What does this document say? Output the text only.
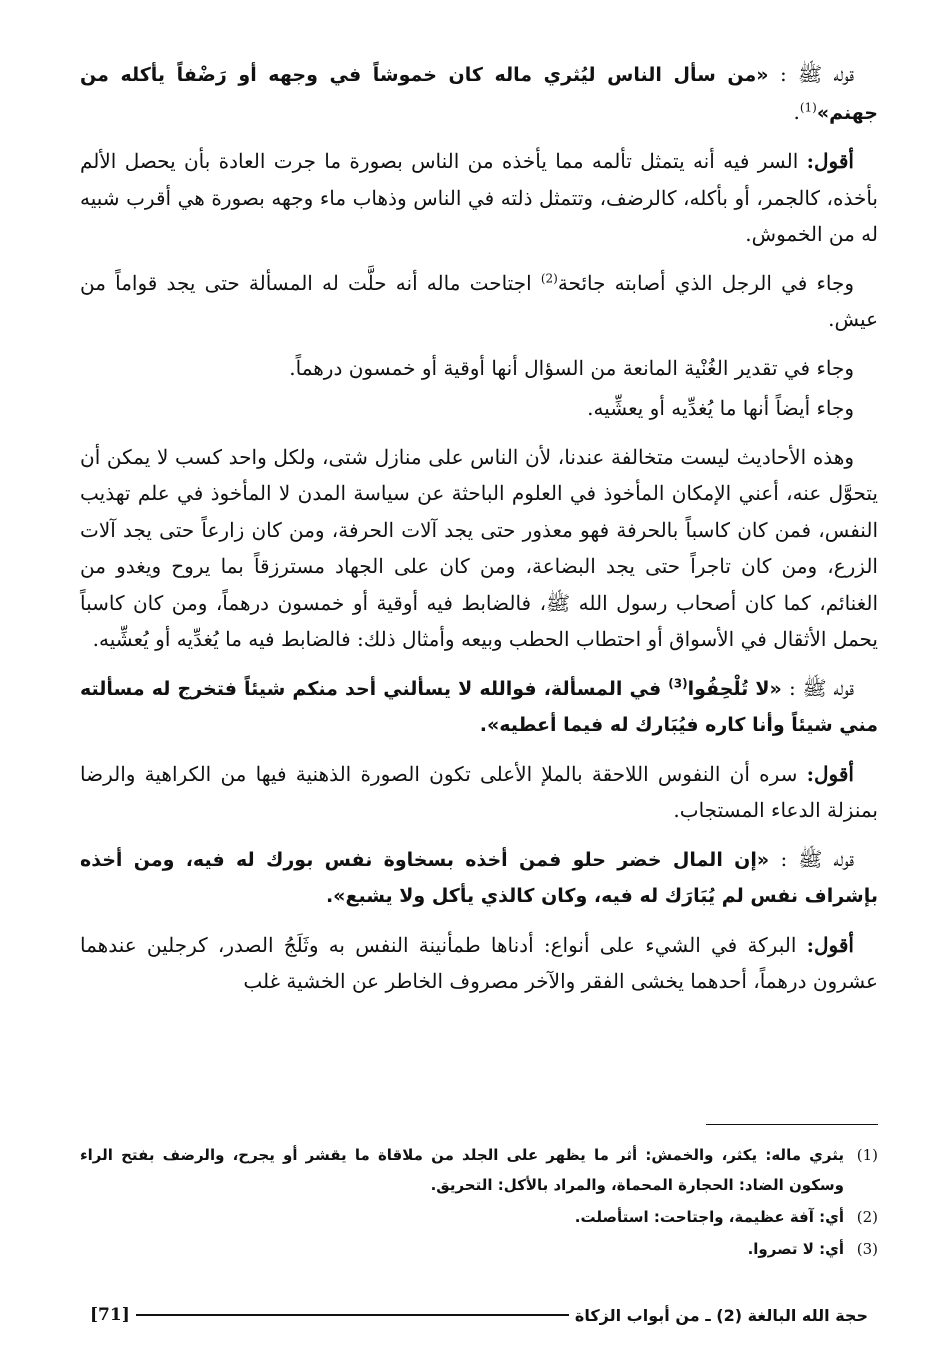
قوله ﷺ : «من سأل الناس ليُثري ماله كان خموشاً في وجهه أو رَضْفاً يأكله من جهنم»$^{(1)}$.

أقول: السر فيه أنه يتمثل تألمه مما يأخذه من الناس بصورة ما جرت العادة بأن يحصل الألم بأخذه، كالجمر، أو بأكله، كالرضف، وتتمثل ذلته في الناس وذهاب ماء وجهه بصورة هي أقرب شبيه له من الخموش.

وجاء في الرجل الذي أصابته جائحة$^{(2)}$ اجتاحت ماله أنه حلَّت له المسألة حتى يجد قواماً من عيش.

وجاء في تقدير الغُنْية المانعة من السؤال أنها أوقية أو خمسون درهماً.

وجاء أيضاً أنها ما يُغدِّيه أو يعشِّيه.

وهذه الأحاديث ليست متخالفة عندنا، لأن الناس على منازل شتى، ولكل واحد كسب لا يمكن أن يتحوَّل عنه، أعني الإمكان المأخوذ في العلوم الباحثة عن سياسة المدن لا المأخوذ في علم تهذيب النفس، فمن كان كاسباً بالحرفة فهو معذور حتى يجد آلات الحرفة، ومن كان زارعاً حتى يجد آلات الزرع، ومن كان تاجراً حتى يجد البضاعة، ومن كان على الجهاد مسترزقاً بما يروح ويغدو من الغنائم، كما كان أصحاب رسول الله ﷺ، فالضابط فيه أوقية أو خمسون درهماً، ومن كان كاسباً يحمل الأثقال في الأسواق أو احتطاب الحطب وبيعه وأمثال ذلك: فالضابط فيه ما يُغدِّيه أو يُعشِّيه.

قوله ﷺ : «لا تُلْحِفُوا$^{(3)}$ في المسألة، فوالله لا يسألني أحد منكم شيئاً فتخرج له مسألته مني شيئاً وأنا كاره فيُبَارك له فيما أعطيه».

أقول: سره أن النفوس اللاحقة بالملإ الأعلى تكون الصورة الذهنية فيها من الكراهية والرضا بمنزلة الدعاء المستجاب.

قوله ﷺ : «إن المال خضر حلو فمن أخذه بسخاوة نفس بورك له فيه، ومن أخذه بإشراف نفس لم يُبَارَك له فيه، وكان كالذي يأكل ولا يشبع».

أقول: البركة في الشيء على أنواع: أدناها طمأنينة النفس به وثَلَجُ الصدر، كرجلين عندهما عشرون درهماً، أحدهما يخشى الفقر والآخر مصروف الخاطر عن الخشية غلب

(1)
يثري ماله: يكثر، والخمش: أثر ما يظهر على الجلد من ملاقاة ما يقشر أو يجرح، والرضف بفتح الراء وسكون الضاد: الحجارة المحماة، والمراد بالأكل: التحريق.
(2)
أي: آفة عظيمة، واجتاحت: استأصلت.
(3)
أي: لا تصروا.
حجة الله البالغة (2) ـ من أبواب الزكاة
[71]
